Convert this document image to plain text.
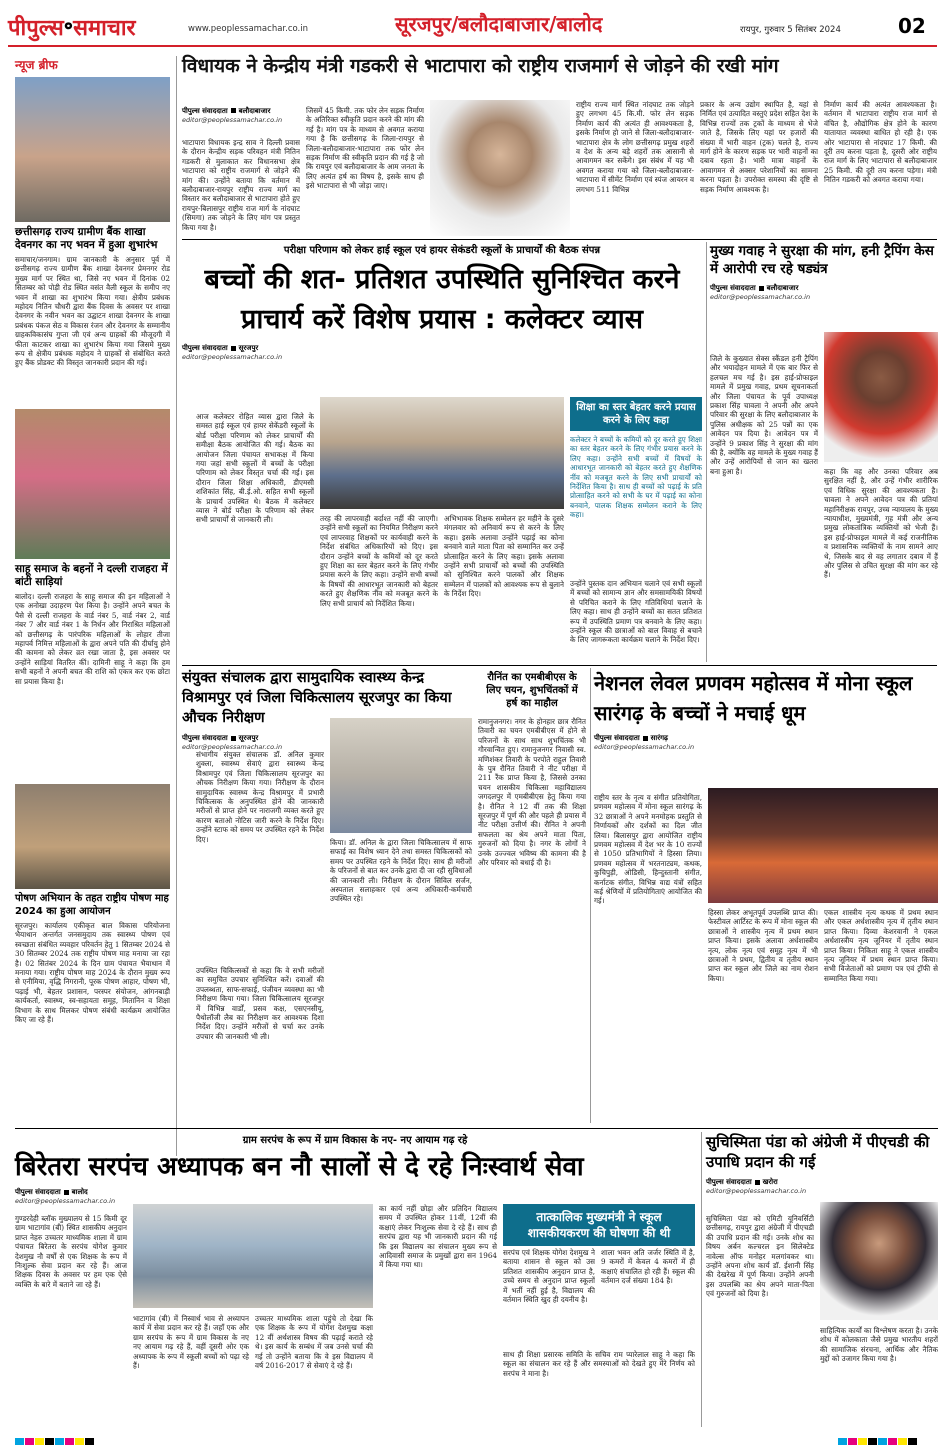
पीपुल्स॰समाचार	www.peoplessamachar.co.in	सूरजपुर/बलौदाबाजार/बालोद	रायपुर, गुरुवार 5 सितंबर 2024	02
न्यूज ब्रीफ
छत्तीसगढ़ राज्य ग्रामीण बैंक शाखा देवनगर का नए भवन में हुआ शुभारंभ
समाचार/जनगाम। ग्राम जानकारी के अनुसार पूर्व में छत्तीसगढ़ राज्य ग्रामीण बैंक शाखा देवनगर प्रेमनगर रोड मुख्य मार्ग पर स्थित था, जिसे नए भवन में दिनांक 02 सितम्बर को पोड़ी रोड स्थित वसंत वैली स्कूल के समीप नए भवन में शाखा का शुभारंभ किया गया। क्षेत्रीय प्रबंधक महोदय नितिन चौधरी द्वारा बैंक दिवस के अवसर पर शाखा देवनगर के नवीन भवन का उद्घाटन शाखा देवनगर के शाखा प्रबंधक पंकज सेठ व विकास रंजन और देवनगर के सम्मानीय ग्राहकविकासंघ गुप्ता जी एवं अन्य ग्राहकों की मौजूदगी में फीता काटकर शाखा का शुभारंभ किया गया जिसमे मुख्य रूप से क्षेत्रीय प्रबंधक महोदय ने ग्राहकों से संबोधित करते हुए बैंक प्रोडक्ट की विस्तृत जानकारी प्रदान की गई।
साहू समाज के बहनों ने दल्ली राजहरा में बांटी साड़ियां
बालोद। दल्ली राजहरा के साहू समाज की इन महिलाओं ने एक अनोखा उदाहरण पेश किया है। उन्होंने अपने बचत के पैसे से दल्ली राजहरा के वार्ड नंबर 5, वार्ड नंबर 2, वार्ड नंबर 7 और वार्ड नंबर 1 के निर्धन और निराश्रित महिलाओं को छत्तीसगढ़ के पारंपरिक महिलाओं के लोहार तीजा महापर्व निमित्त महिलाओं के द्वारा अपने पति की दीर्घायु होने की कामना को लेकर व्रत रखा जाता है, इस अवसर पर उन्होंने साड़ियां वितरित कीं। दामिनी साहू ने कहा कि हम सभी बहनों ने अपनी बचत की राशि को एकत्र कर एक छोटा सा प्रयास किया है।
पोषण अभियान के तहत राष्ट्रीय पोषण माह 2024 का हुआ आयोजन
सूरजपुर। कार्यालय एकीकृत बाल विकास परियोजना भैयाथान अन्तर्गत जनसमुदाय तक स्वास्थ्य पोषण एवं स्वच्छता संबंधित व्यवहार परिवर्तन हेतु 1 सितम्बर 2024 से 30 सितम्बर 2024 तक राष्ट्रीय पोषण माह मनाया जा रहा है। 02 सितंबर 2024 के दिन ग्राम पंचायत भैयाथान में मनाया गया। राष्ट्रीय पोषण माह 2024 के दौरान मुख्य रूप से एनीमिया, वृद्धि निगरानी, पूरक पोषण आहार, पोषण भी, पढ़ाई भी, बेहतर प्रशासन, परस्पर संयोजन, आंगनबाड़ी कार्यकर्ता, स्वास्थ्य, स्व-सहायता समूह, मितानिन व शिक्षा विभाग के साथ मिलकर पोषण संबंधी कार्यक्रम आयोजित किए जा रहे हैं।
विधायक ने केन्द्रीय मंत्री गडकरी से भाटापारा को राष्ट्रीय राजमार्ग से जोड़ने की रखी मांग
पीपुल्स संवाददाता बलौदाबाजार
editor@peoplessamachar.co.in
भाटापारा विधायक इन्द्र साव ने दिल्ली प्रवास के दौरान केन्द्रीय सड़क परिवहन मंत्री नितिन गडकरी से मुलाकात कर विधानसभा क्षेत्र भाटापारा को राष्ट्रीय राजमार्ग से जोड़ने की मांग की। उन्होंने बताया कि वर्तमान में बलौदाबाजार-रायपुर राष्ट्रीय राज्य मार्ग का विस्तार कर बलौदाबाजार से भाटापारा होते हुए रायपुर-बिलासपुर राष्ट्रीय राज मार्ग के नांदघाट (सिमगा) तक जोड़ने के लिए मांग पत्र प्रस्तुत किया गया है।
जिसमें 45 किमी. तक फोर लेन सड़क निर्माण के अतिरिक्त स्वीकृति प्रदान करने की मांग की गई है। मांग पत्र के माध्यम से अवगत कराया गया है कि छत्तीसगढ़ के जिला-रायपुर से जिला-बलौदाबाजार-भाटापारा तक फोर लेन सड़क निर्माण की स्वीकृति प्रदान की गई है जो कि रायपुर एवं बलौदाबाजार के आम जनता के लिए अत्यंत हर्ष का विषय है, इसके साथ ही इसे भाटापारा से भी जोड़ा जाए।
राष्ट्रीय राज्य मार्ग स्थित नांदघाट तक जोड़ने हुए लगभग 45 कि.मी. फोर लेन सड़क निर्माण कार्य की अत्यंत ही आवश्यकता है, इसके निर्माण हो जाने से जिला-बलौदाबाजार-भाटापारा क्षेत्र के लोग छत्तीसगढ़ प्रमुख शहरों व देश के अन्य बड़े शहरों तक आसानी से आवागमन कर सकेंगे। इस संबंध में यह भी अवगत कराया गया को जिला-बलौदाबाजार-भाटापारा में सीमेंट निर्माण एवं स्पंज आयरन व लगभग 511 विभिन्न
प्रकार के अन्य उद्योग स्थापित है, यहां से निर्मित एवं उत्पादित वस्तुएं प्रदेश सहित देश के विभिन्न राज्यों तक ट्रकों के माध्यम से भेजे जाते है, जिसके लिए यहां पर हजारों की संख्या में भारी वाहन (ट्रक) चलते है, राज्य मार्ग होने के कारण सड़क पर भारी वाहनों का दबाव रहता है। भारी मात्रा वाहनों के आवागमन से अक्सर परेशानियों का सामना करना पड़ता है। उपरोक्त समस्या की दृष्टि से सड़क निर्माण आवश्यक है।
निर्माण कार्य की अत्यंत आवश्यकता है। वर्तमान में भाटापारा राष्ट्रीय राज मार्ग से वंचित है, औद्योगिक क्षेत्र होने के कारण यातायात व्यवस्था बाधित हो रही है। एक ओर भाटापारा से नांदघाट 17 किमी. की दूरी तय करना पड़ता है, दूसरी ओर राष्ट्रीय राज मार्ग के लिए भाटापारा से बलौदाबाजार 25 किमी. की दूरी तय करना पड़ेगा। मंत्री नितिन गडकरी को अवगत कराया गया।
परीक्षा परिणाम को लेकर हाई स्कूल एवं हायर सेकंडरी स्कूलों के प्राचार्यों की बैठक संपन्न
बच्चों की शत- प्रतिशत उपस्थिति सुनिश्चित करने प्राचार्य करें विशेष प्रयास : कलेक्टर व्यास
पीपुल्स संवाददाता सूरजपुर
editor@peoplessamachar.co.in
आज कलेक्टर रोहित व्यास द्वारा जिले के समस्त हाई स्कूल एवं हायर सेकेंडरी स्कूलों के बोर्ड परीक्षा परिणाम को लेकर प्राचार्यों की समीक्षा बैठक आयोजित की गई। बैठक का आयोजन जिला पंचायत सभाकक्ष में किया गया जहां सभी स्कूलों में बच्चों के परीक्षा परिणाम को लेकर विस्तृत चर्चा की गई। इस दौरान जिला शिक्षा अधिकारी, डीएमसी शशिकांत सिंह, बी.ई.ओ. सहित सभी स्कूलों के प्राचार्य उपस्थित थे। बैठक में कलेक्टर व्यास ने बोर्ड परीक्षा के परिणाम को लेकर सभी प्राचार्यों से जानकारी ली।	तरह की लापरवाही बर्दाश्त नहीं की जाएगी। उन्होंने सभी स्कूलों का नियमित निरीक्षण करने एवं लापरवाह शिक्षकों पर कार्यवाही करने के निर्देश संबंधित अधिकारियों को दिए। इस दौरान उन्होंने बच्चों के कमियों को दूर करते हुए शिक्षा का स्तर बेहतर करने के लिए गंभीर प्रयास करने के लिए कहा। उन्होंने सभी बच्चों के विषयों की आधारभूत जानकारी को बेहतर करते हुए शैक्षणिक नींव को मजबूत करने के लिए सभी प्राचार्य को निर्देशित किया।
अभिभावक शिक्षक सम्मेलन हर महीने के दूसरे मंगलवार को अनिवार्य रूप से करने के लिए कहा। इसके अलावा उन्होंने पढ़ाई का कोना बनवाने वाले माता पिता को सम्मानित कर उन्हें प्रोत्साहित करने के लिए कहा। इसके अलावा उन्होंने सभी प्राचार्यों को बच्चों की उपस्थिति को सुनिश्चित करने पालकों और शिक्षक सम्मेलन में पालकों को आवश्यक रूप से बुलाने के निर्देश दिए।
शिक्षा का स्तर बेहतर करने प्रयास करने के लिए कहा
कलेक्टर ने बच्चों के कमियों को दूर करते हुए शिक्षा का स्तर बेहतर करने के लिए गंभीर प्रयास करने के लिए कहा। उन्होंने सभी बच्चों में विषयों के आधारभूत जानकारी को बेहतर करते हुए शैक्षणिक नींव को मजबूत करने के लिए सभी प्राचार्यों को निर्देशित किया है। साथ ही बच्चों को पढ़ाई के प्रति प्रोत्साहित करने को सभी के घर में पढ़ाई का कोना बनवाने, पालक शिक्षक सम्मेलन कराने के लिए कहा।
उन्होंने पुस्तक दान अभियान चलाने एवं सभी स्कूलों में बच्चों को सामान्य ज्ञान और समसामयिकी विषयों से परिचित कराने के लिए गतिविधियां चलाने के लिए कहा। साथ ही उन्होंने बच्चों का सतत प्रतिशत रूप में उपस्थिति प्रमाण पत्र बनवाने के लिए कहा। उन्होंने स्कूल की छात्राओं को बाल विवाह से बचाने के लिए जागरूकता कार्यक्रम चलाने के निर्देश दिए।
मुख्य गवाह ने सुरक्षा की मांग, हनी ट्रैपिंग केस में आरोपी रच रहे षड्यंत्र
पीपुल्स संवाददाता बलौदाबाजार
editor@peoplessamachar.co.in
जिले के कुख्यात सेक्स स्कैंडल हनी ट्रैपिंग और भयादोहन मामले में एक बार फिर से हलचल मच गई है। इस हाई-प्रोफाइल मामले में प्रमुख गवाह, प्रथम सूचनाकर्ता और जिला पंचायत के पूर्व उपाध्यक्ष प्रकाश सिंह चावला ने अपनी और अपने परिवार की सुरक्षा के लिए बलौदाबाजार के पुलिस अधीक्षक को 25 पन्नों का एक आवेदन पत्र दिया है। आवेदन पत्र में उन्होंने 9 प्रकाश सिंह ने सुरक्षा की मांग की है, क्योंकि वह मामले के मुख्य गवाह हैं और उन्हें आरोपियों से जान का खतरा बना हुआ है।	कहा कि वह और उनका परिवार अब सुरक्षित नहीं है, और उन्हें गंभीर शारीरिक एवं विधिक सुरक्षा की आवश्यकता है। चावला ने अपने आवेदन पत्र की प्रतियां महानिरीक्षक रायपुर, उच्च न्यायालय के मुख्य न्यायाधीश, मुख्यमंत्री, गृह मंत्री और अन्य प्रमुख लोकतांत्रिक व्यक्तियों को भेजी हैं। इस हाई-प्रोफाइल मामले में कई राजनीतिक व प्रशासनिक व्यक्तियों के नाम सामने आए थे, जिसके बाद से वह लगातार दबाव में हैं और पुलिस से उचित सुरक्षा की मांग कर रहे हैं।
संयुक्त संचालक द्वारा सामुदायिक स्वास्थ्य केन्द्र विश्रामपुर एवं जिला चिकित्सालय सूरजपुर का किया औचक निरीक्षण
पीपुल्स संवाददाता सूरजपुर
editor@peoplessamachar.co.in
संभागीय संयुक्त संचालक डॉ. अनिल कुमार शुक्ला, स्वास्थ्य सेवाएं द्वारा स्वास्थ्य केन्द्र विश्रामपुर एवं जिला चिकित्सालय सूरजपुर का औचक निरीक्षण किया गया। निरीक्षण के दौरान सामुदायिक स्वास्थ्य केन्द्र विश्रामपुर में प्रभारी चिकित्सक के अनुपस्थित होने की जानकारी मरीजों से प्राप्त होने पर नाराजगी व्यक्त करते हुए कारण बताओ नोटिस जारी करने के निर्देश दिए। उन्होंने स्टाफ को समय पर उपस्थित रहने के निर्देश दिए।
उपस्थित चिकित्सकों से कहा कि वे सभी मरीजों का समुचित उपचार सुनिश्चित करें। दवाओं की उपलब्धता, साफ-सफाई, पंजीयन व्यवस्था का भी निरीक्षण किया गया। जिला चिकित्सालय सूरजपुर में विभिन्न वार्डों, प्रसव कक्ष, एसएनसीयू, पैथोलॉजी लैब का निरीक्षण कर आवश्यक दिशा निर्देश दिए। उन्होंने मरीजों से चर्चा कर उनके उपचार की जानकारी भी ली।
किया। डॉ. अनिल के द्वारा जिला चिकित्सालय में साफ सफाई का विशेष ध्यान देने तथा समस्त चिकित्सकों को समय पर उपस्थित रहने के निर्देश दिए। साथ ही मरीजों के परिजनों से बात कर उनके द्वारा दी जा रही सुविधाओं की जानकारी ली। निरीक्षण के दौरान सिविल सर्जन, अस्पताल सलाहकार एवं अन्य अधिकारी-कर्मचारी उपस्थित रहे।
रौनिंत का एमबीबीएस के लिए चयन, शुभचिंतकों में हर्ष का माहौल
रामानुजनगर। नगर के होनहार छात्र रौनित तिवारी का चयन एमबीबीएस में होने से परिजनों के साथ साथ शुभचिंतक भी गौरवान्वित हुए। रामानुजनगर निवासी स्व. मणिशंकर तिवारी के परपोते राहुल तिवारी के पुत्र रौनित तिवारी ने नीट परीक्षा में 211 रैंक प्राप्त किया है, जिससे उनका चयन शासकीय चिकित्सा महाविद्यालय जगदलपुर में एमबीबीएस हेतु किया गया है। रौनित ने 12 वीं तक की शिक्षा सूरजपुर में पूर्ण की और पहले ही प्रयास में नीट परीक्षा उत्तीर्ण की। रौनित ने अपनी सफलता का श्रेय अपने माता पिता, गुरुजनों को दिया है। नगर के लोगों ने उनके उज्ज्वल भविष्य की कामना की है और परिवार को बधाई दी है।
नेशनल लेवल प्रणवम महोत्सव में मोना स्कूल सारंगढ़ के बच्चों ने मचाई धूम
पीपुल्स संवाददाता सारंगढ़
editor@peoplessamachar.co.in
राष्ट्रीय स्तर के नृत्य व संगीत प्रतियोगिता, प्रणवम महोत्सव में मोना स्कूल सारंगढ़ के 32 छात्राओं ने अपने मनमोहक प्रस्तुति से निर्णायकों और दर्शकों का दिल जीत लिया। बिलासपुर द्वारा आयोजित राष्ट्रीय प्रणवम महोत्सव में देश भर के 10 राज्यों से 1050 प्रतिभागियों ने हिस्सा लिया। प्रणवम महोत्सव में भरतनाट्यम, कथक, कुचिपुड़ी, ओडिसी, हिन्दुस्तानी संगीत, कर्नाटक संगीत, विभिन्न वाद्य यंत्रों सहित कई श्रेणियों में प्रतियोगिताएं आयोजित की गई।
हिस्सा लेकर अभूतपूर्व उपलब्धि प्राप्त की। फेस्टीवल आर्टिस्ट के रूप में मोना स्कूल की छात्राओं ने शास्त्रीय नृत्य में प्रथम स्थान प्राप्त किया। इसके अलावा अर्धशास्त्रीय नृत्य, लोक नृत्य एवं समूह नृत्य में भी छात्राओं ने प्रथम, द्वितीय व तृतीय स्थान प्राप्त कर स्कूल और जिले का नाम रोशन किया।
एकल शास्त्रीय नृत्य कथक में प्रथम स्थान और एकल अर्धशास्त्रीय नृत्य में तृतीय स्थान प्राप्त किया। दिव्या केशरवानी ने एकल अर्धशास्त्रीय नृत्य जूनियर में तृतीय स्थान प्राप्त किया। निकिता साहू ने एकल शास्त्रीय नृत्य जूनियर में प्रथम स्थान प्राप्त किया। सभी विजेताओं को प्रमाण पत्र एवं ट्रॉफी से सम्मानित किया गया।
ग्राम सरपंच के रूप में ग्राम विकास के नए- नए आयाम गढ़ रहे
बिरेतरा सरपंच अध्यापक बन नौ सालों से दे रहे निःस्वार्थ सेवा
पीपुल्स संवाददाता बालोद
editor@peoplessamachar.co.in
गुण्डरदेही ब्लॉक मुख्यालय से 15 किमी दूर ग्राम भाटागांव (बी) स्थित शासकीय अनुदान प्राप्त नेहरु उच्चतर माध्यमिक शाला में ग्राम पंचायत बिरेतरा के सरपंच योगेश कुमार देशमुख नौ वर्षों से एक शिक्षक के रूप में निःशुल्क सेवा प्रदान कर रहे हैं। आज शिक्षक दिवस के अवसर पर हम एक ऐसे व्यक्ति के बारे में बताने जा रहे हैं।
भाटागांव (बी) में निस्वार्थ भाव से अध्यापन कार्य में सेवा प्रदान कर रहे हैं। जहाँ एक और ग्राम सरपंच के रूप में ग्राम विकास के नए नए आयाम गढ़ रहे हैं, वहीं दूसरी ओर एक अध्यापक के रूप में स्कूली बच्चों को पढ़ा रहे हैं।
उच्चतर माध्यमिक शाला पहुंचे तो देखा कि एक शिक्षक के रूप में योगेश देशमुख कक्षा 12 वीं अर्थशास्त्र विषय की पढ़ाई कराते रहे थे। इस कार्य के सम्बंध में जब उनसे चर्चा की गई तो उन्होंने बताया कि वे इस विद्यालय में वर्ष 2016-2017 से सेवाएं दे रहे हैं।
का कार्य नहीं छोड़ा और प्रतिदिन विद्यालय समय में उपस्थित होकर 11वीं, 12वीं की कक्षाएं लेकर निःशुल्क सेवा दे रहे हैं। साथ ही सरपंच द्वारा यह भी जानकारी प्रदान की गई कि इस विद्यालय का संचालन मुख्य रूप से आदिवासी समाज के प्रमुखों द्वारा सन 1964 में किया गया था।
तात्कालिक मुख्यमंत्री ने स्कूल शासकीयकरण की घोषणा की थी
सरपंच एवं शिक्षक योगेश देशमुख ने बताया शासन से स्कूल को उस प्रतिशत शासकीय अनुदान प्राप्त है, उच्चे समय से अनुदान प्राप्त स्कूलों में भर्ती नहीं हुई है, विद्यालय की वर्तमान स्थिति खुद ही दयनीय है।
शाला भवन अति जर्जर स्थिति में है, 9 कमरों में केवल 4 कमरों में ही कक्षाएं संचालित हो रही हैं। स्कूल की वर्तमान दर्ज संख्या 184 है।
साथ ही शिक्षा प्रसारक समिति के सचिव राम प्यारेलाल साहू ने कहा कि स्कूल का संचालन कर रहे हैं और समस्याओं को देखते हुए मेरे निर्णय को सरपंच ने माना है।
सुचिस्मिता पंडा को अंग्रेजी में पीएचडी की उपाधि प्रदान की गई
पीपुल्स संवाददाता खरोरा
editor@peoplessamachar.co.in
सुचिस्मिता पंडा को एमिटी यूनिवर्सिटी छत्तीसगढ़, रायपुर द्वारा अंग्रेजी में पीएचडी की उपाधि प्रदान की गई। उनके शोध का विषय अर्बन कल्चरल इन सिलेक्टेड नावेल्स ऑफ मनोहर मलगांवकर था। उन्होंने अपना शोध कार्य डॉ. ईशानी सिंह की देखरेख में पूर्ण किया। उन्होंने अपनी इस उपलब्धि का श्रेय अपने माता-पिता एवं गुरुजनों को दिया है।
साहित्यिक कार्यों का विश्लेषण करता है। उनके शोध में कोलकाता जैसे प्रमुख भारतीय शहरों की सामाजिक संरचना, आर्थिक और नैतिक मुद्दों को उजागर किया गया है।
